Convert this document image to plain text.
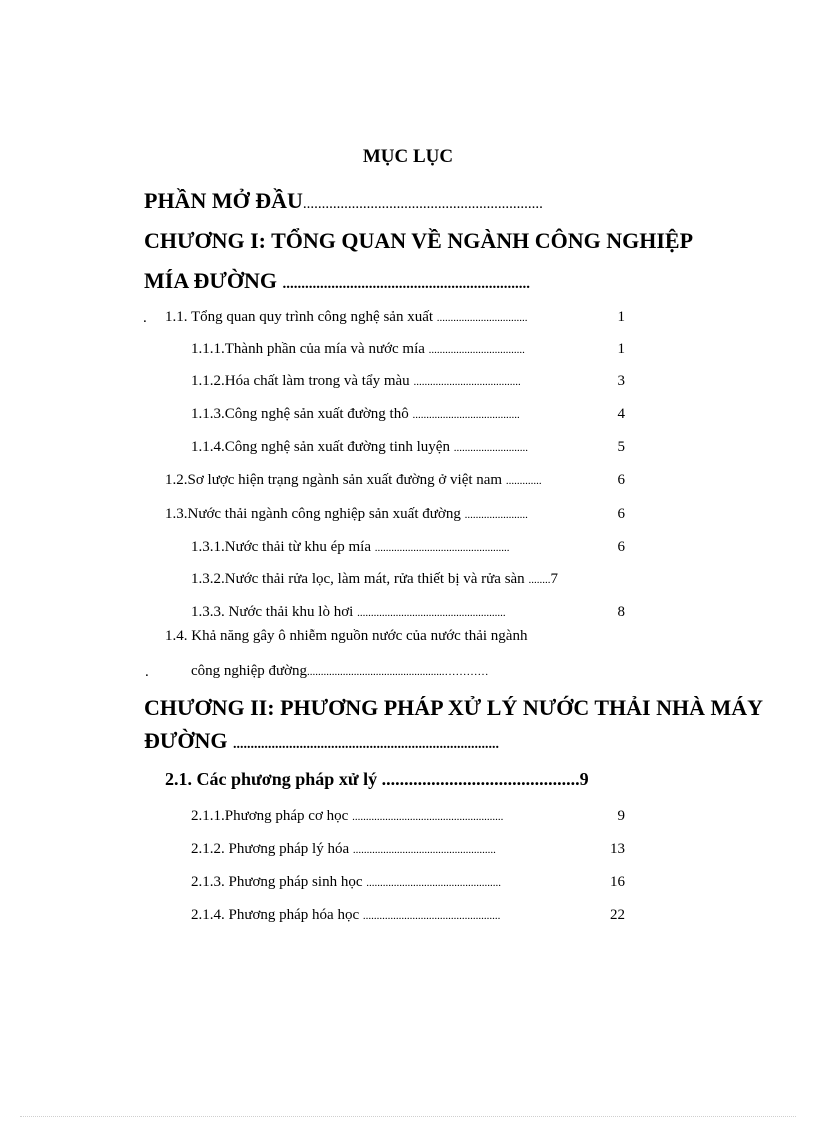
MỤC LỤC
PHẦN MỞ ĐẦU................................................................
CHƯƠNG I: TỔNG QUAN VỀ NGÀNH CÔNG NGHIỆP
MÍA ĐƯỜNG ..................................................................
. 1.1. Tổng quan quy trình công nghệ sản xuất .................................	1
1.1.1.Thành phần của mía và nước mía ...................................	1
1.1.2.Hóa chất làm trong và tẩy màu .......................................	3
1.1.3.Công nghệ sản xuất đường thô .......................................	4
1.1.4.Công nghệ sản xuất đường tinh luyện ...........................	5
1.2.Sơ lược hiện trạng ngành sản xuất đường ở việt nam .............	6
1.3.Nước thải ngành công nghiệp sản xuất đường .......................	6
1.3.1.Nước thải từ khu ép mía .................................................	6
1.3.2.Nước thải rửa lọc, làm mát, rửa thiết bị và rửa sàn ........7
1.3.3. Nước thải khu lò hơi ......................................................	8
1.4. Khả năng gây ô nhiễm nguồn nước của nước thải ngành
.	công nghiệp đường..................................................…………
CHƯƠNG II: PHƯƠNG PHÁP XỬ LÝ NƯỚC THẢI NHÀ MÁY
ĐƯỜNG ............................................................................
2.1. Các phương pháp xử lý ............................................9
2.1.1.Phương pháp cơ học .......................................................	9
2.1.2. Phương pháp lý hóa ....................................................	13
2.1.3. Phương pháp sinh học .................................................	16
2.1.4. Phương pháp hóa học ..................................................	22
